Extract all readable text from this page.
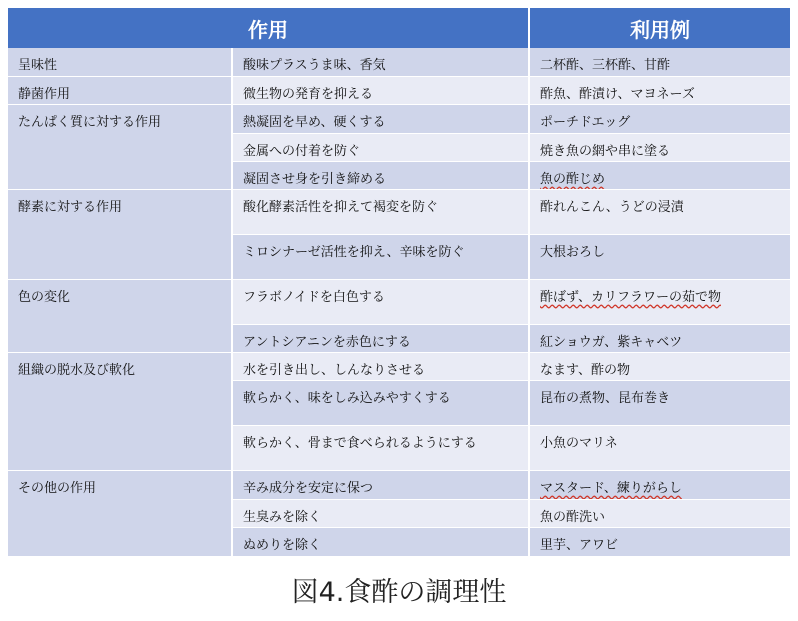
作用		利用例
呈味性	酸味プラスうま味、香気	二杯酢、三杯酢、甘酢
静菌作用	微生物の発育を抑える	酢魚、酢漬け、マヨネーズ
たんぱく質に対する作用	熱凝固を早め、硬くする	ポーチドエッグ
	金属への付着を防ぐ	焼き魚の網や串に塗る
	凝固させ身を引き締める	魚の酢じめ
酵素に対する作用	酸化酵素活性を抑えて褐変を防ぐ	酢れんこん、うどの浸漬
	ミロシナーゼ活性を抑え、辛味を防ぐ	大根おろし
色の変化	フラボノイドを白色する	酢ばず、カリフラワーの茹で物
	アントシアニンを赤色にする	紅ショウガ、紫キャベツ
組織の脱水及び軟化	水を引き出し、しんなりさせる	なます、酢の物
	軟らかく、味をしみ込みやすくする	昆布の煮物、昆布巻き
	軟らかく、骨まで食べられるようにする	小魚のマリネ
その他の作用	辛み成分を安定に保つ	マスタード、練りがらし
	生臭みを除く	魚の酢洗い
	ぬめりを除く	里芋、アワビ
図4.食酢の調理性
